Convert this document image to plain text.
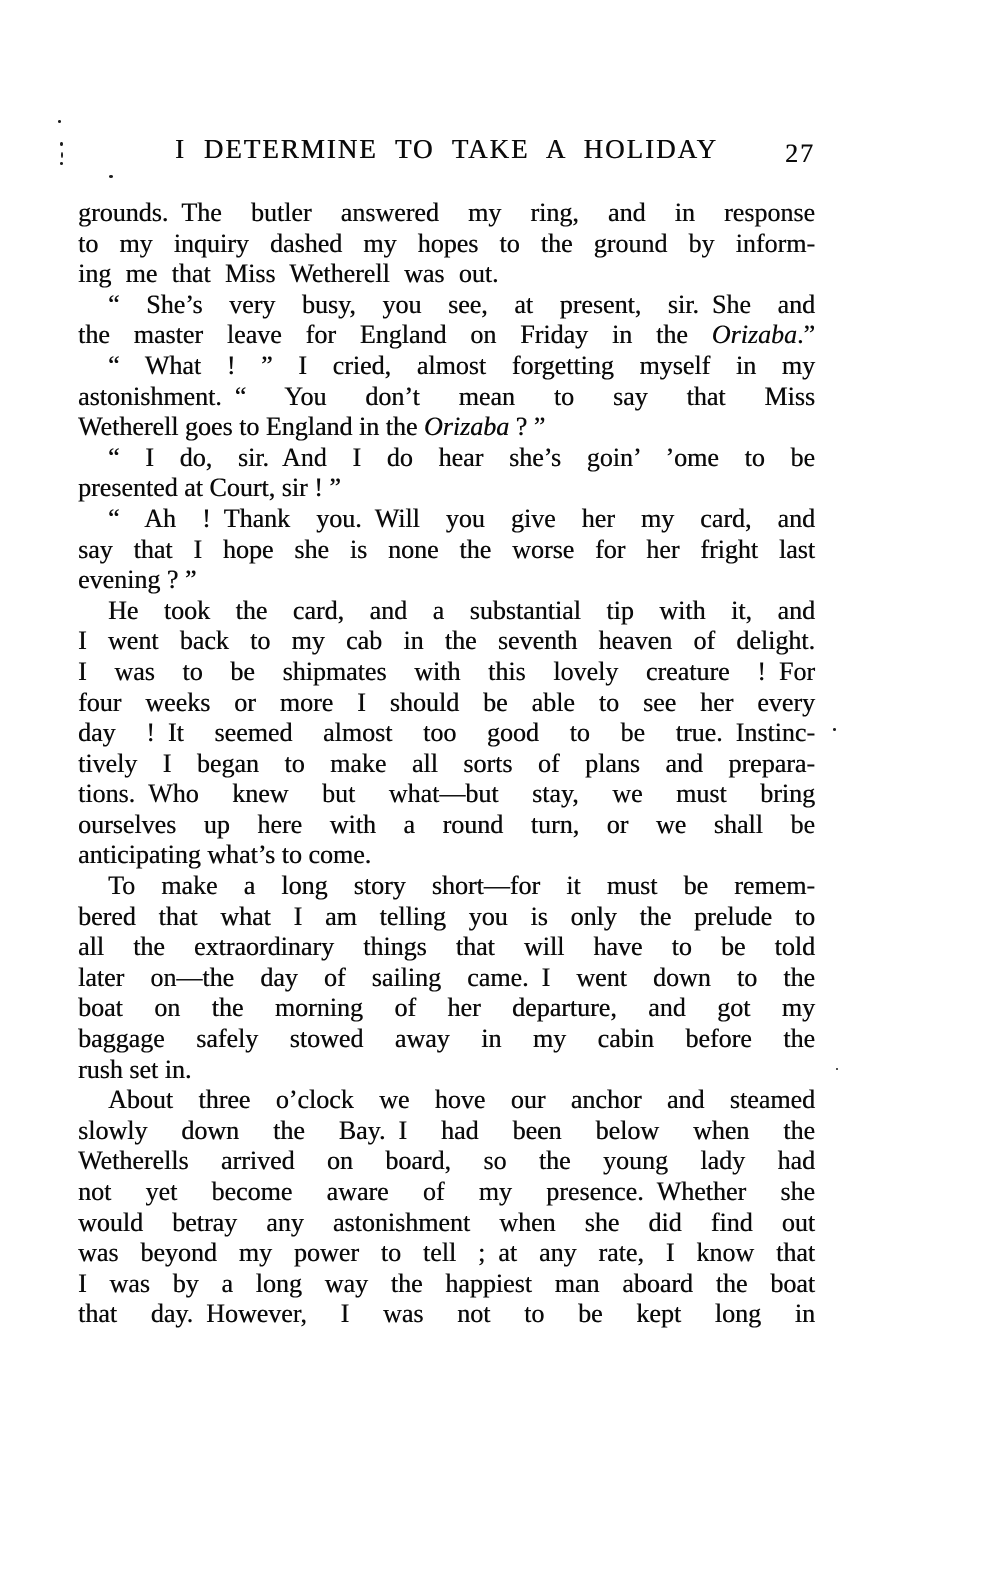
I DETERMINE TO TAKE A HOLIDAY	27
grounds. The butler answered my ring, and in response
to my inquiry dashed my hopes to the ground by inform-
ing me that Miss Wetherell was out.
“ She’s very busy, you see, at present, sir. She and
the master leave for England on Friday in the Orizaba.”
“ What ! ” I cried, almost forgetting myself in my
astonishment. “ You don’t mean to say that Miss
Wetherell goes to England in the Orizaba ? ”
“ I do, sir. And I do hear she’s goin’ ’ome to be
presented at Court, sir ! ”
“ Ah ! Thank you. Will you give her my card, and
say that I hope she is none the worse for her fright last
evening ? ”
He took the card, and a substantial tip with it, and
I went back to my cab in the seventh heaven of delight.
I was to be shipmates with this lovely creature ! For
four weeks or more I should be able to see her every
day ! It seemed almost too good to be true. Instinc-
tively I began to make all sorts of plans and prepara-
tions. Who knew but what—but stay, we must bring
ourselves up here with a round turn, or we shall be
anticipating what’s to come.
To make a long story short—for it must be remem-
bered that what I am telling you is only the prelude to
all the extraordinary things that will have to be told
later on—the day of sailing came. I went down to the
boat on the morning of her departure, and got my
baggage safely stowed away in my cabin before the
rush set in.
About three o’clock we hove our anchor and steamed
slowly down the Bay. I had been below when the
Wetherells arrived on board, so the young lady had
not yet become aware of my presence. Whether she
would betray any astonishment when she did find out
was beyond my power to tell ; at any rate, I know that
I was by a long way the happiest man aboard the boat
that day. However, I was not to be kept long in
